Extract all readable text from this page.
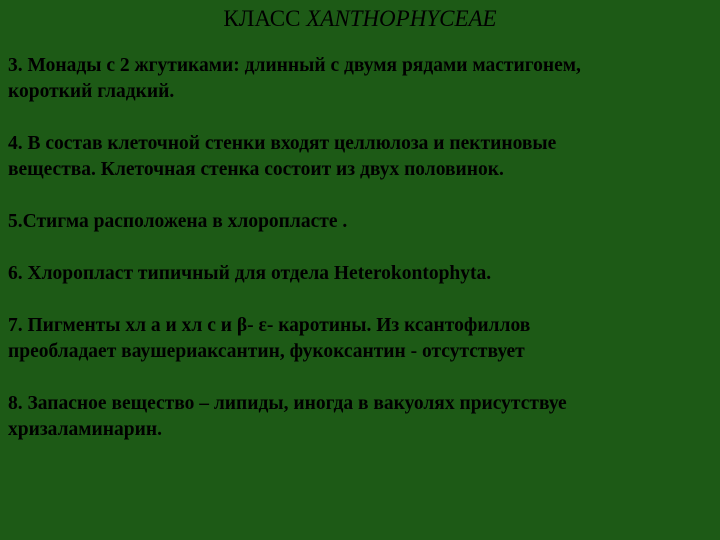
КЛАСС XANTHOPHYCEAE

3. Монады с 2 жгутиками: длинный с двумя рядами мастигонем,
короткий гладкий.

4. В состав клеточной стенки входят целлюлоза и пектиновые
вещества. Клеточная стенка состоит из двух половинок.

5.Стигма расположена в хлоропласте .

6. Хлоропласт типичный для отдела Heterokontophyta.

7. Пигменты хл а и хл с и β- ε- каротины. Из ксантофиллов
преобладает ваушериаксантин, фукоксантин - отсутствует

8. Запасное вещество – липиды, иногда в вакуолях присутствуе
хризаламинарин.
